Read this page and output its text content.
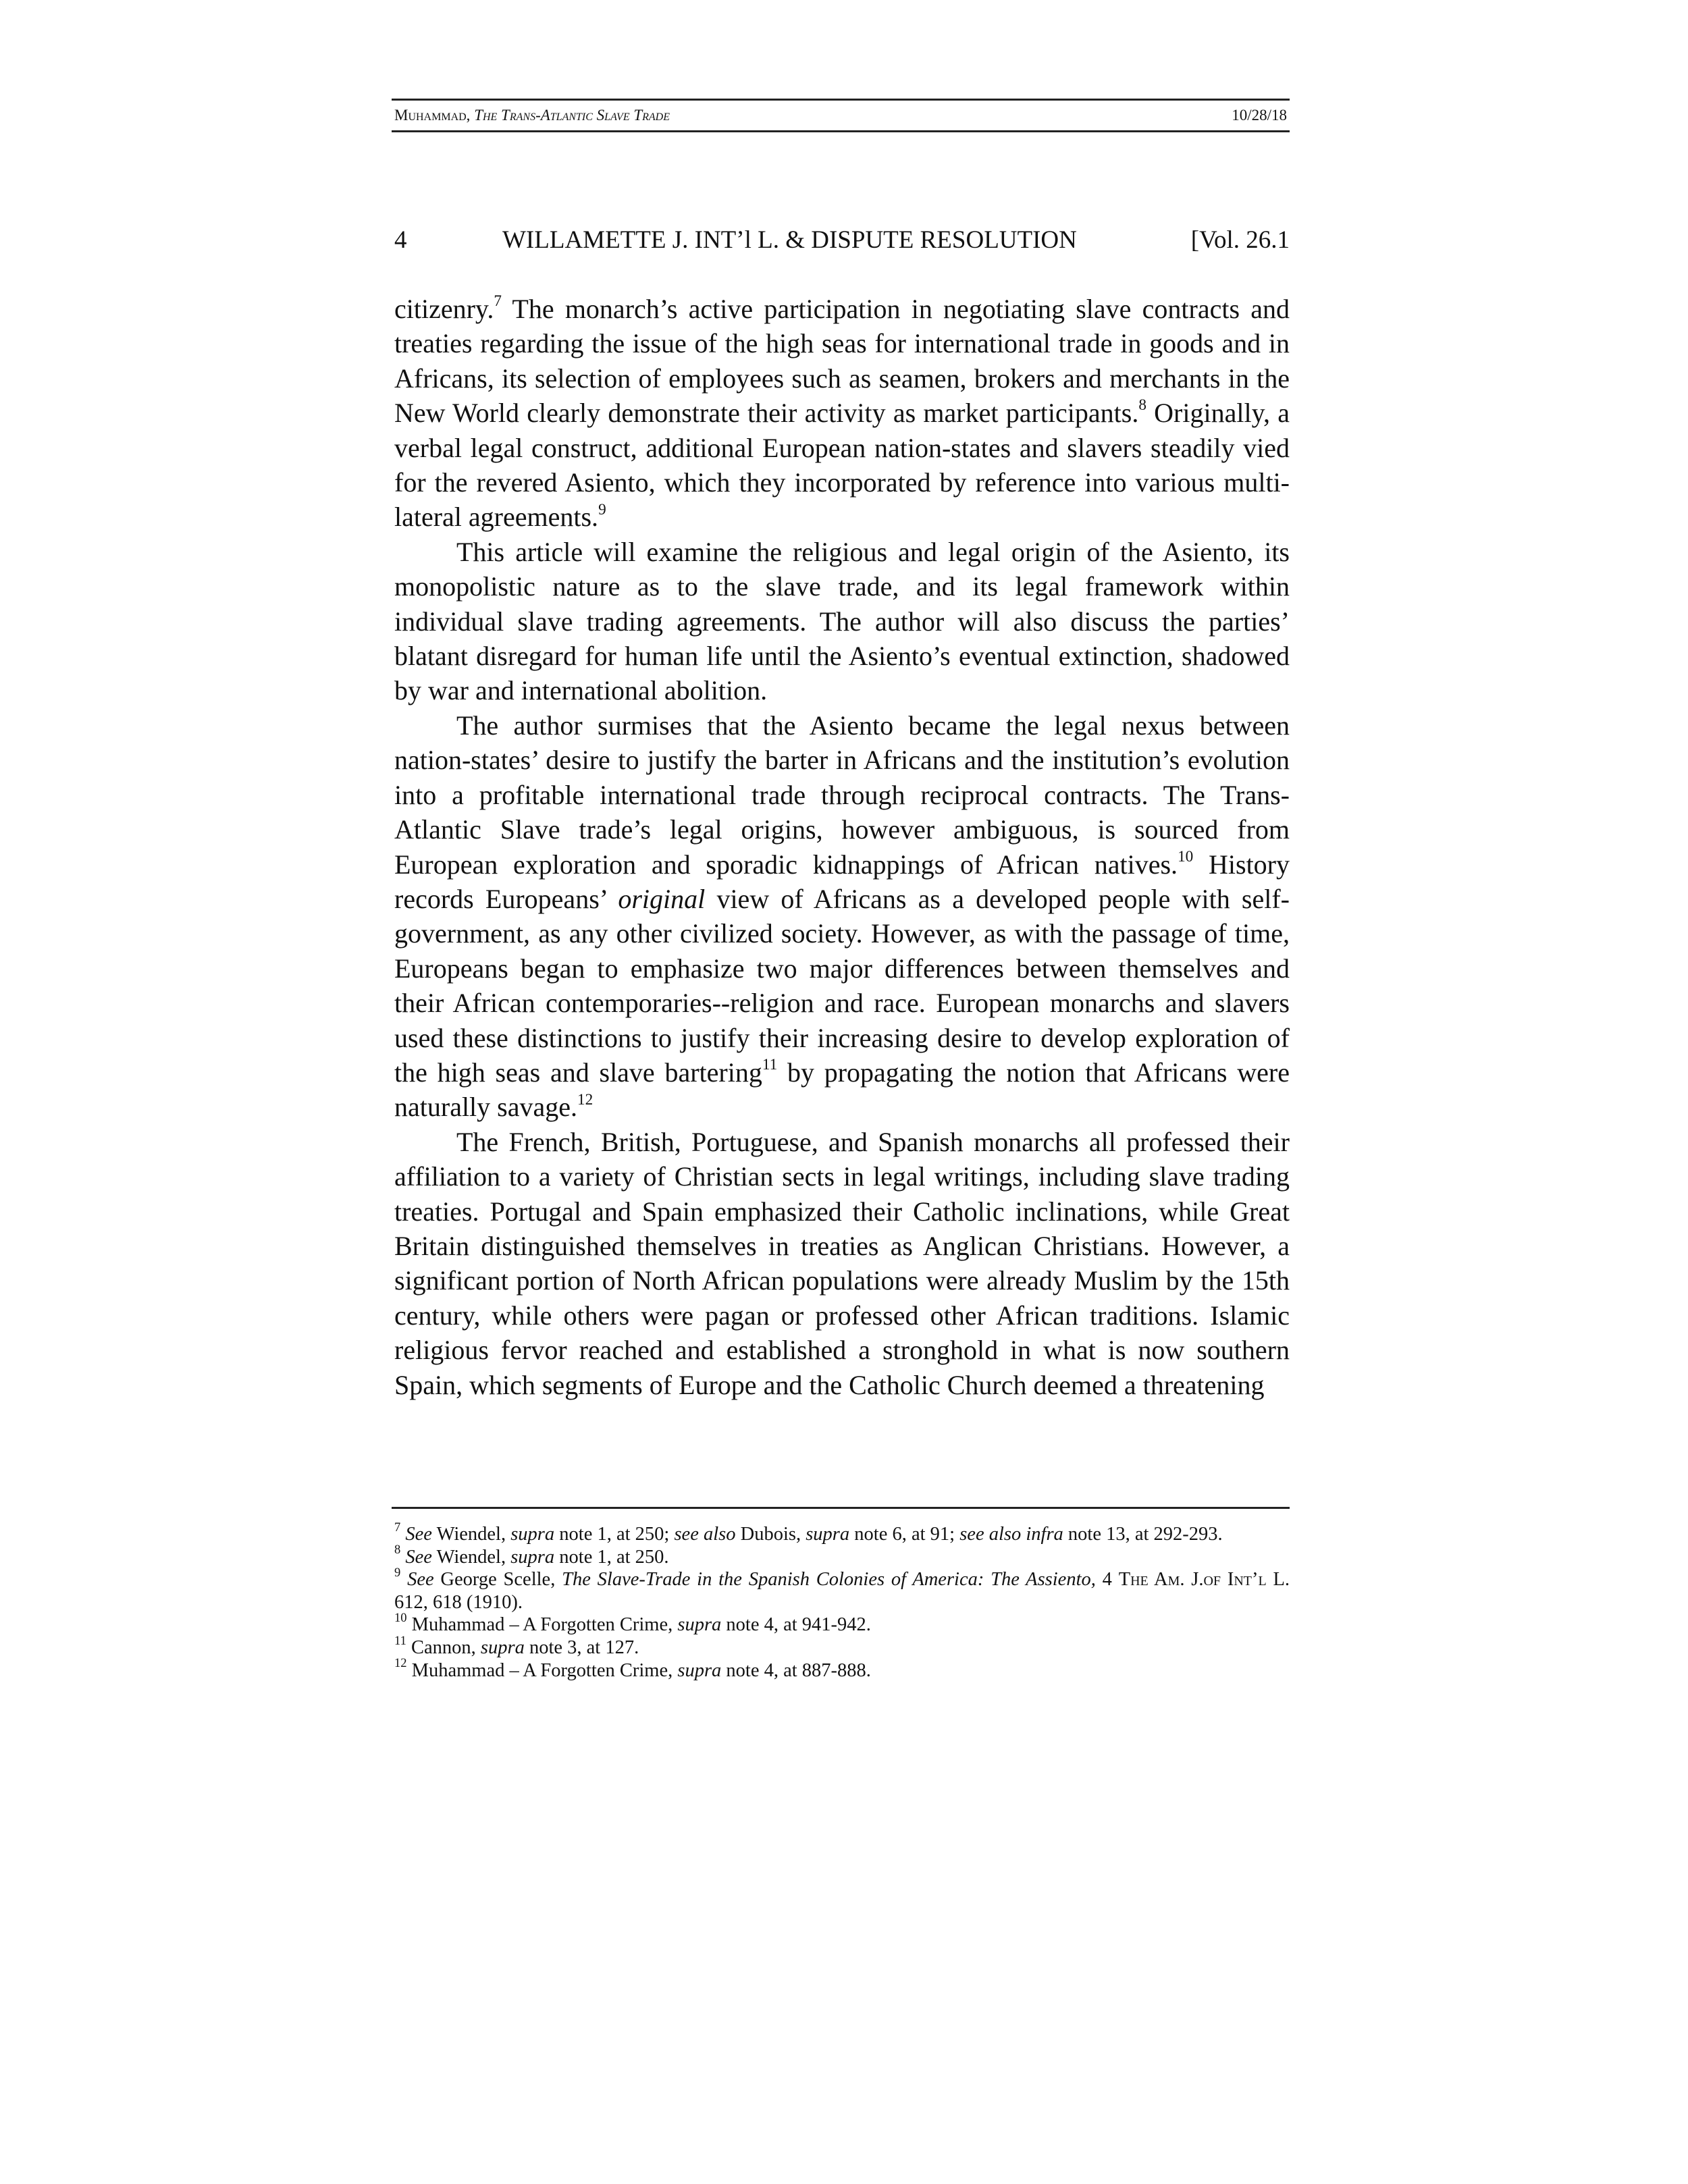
Muhammad, The Trans-Atlantic Slave Trade	10/28/18
4	WILLAMETTE J. INT’l L. & DISPUTE RESOLUTION	[Vol. 26.1

citizenry.$^7$ The monarch’s active participation in negotiating slave contracts and treaties regarding the issue of the high seas for international trade in goods and in Africans, its selection of employees such as seamen, brokers and merchants in the New World clearly demonstrate their activity as market participants.$^8$ Originally, a verbal legal construct, additional European nation-states and slavers steadily vied for the revered Asiento, which they incorporated by reference into various multi-lateral agreements.$^9$

This article will examine the religious and legal origin of the Asiento, its monopolistic nature as to the slave trade, and its legal framework within individual slave trading agreements. The author will also discuss the parties’ blatant disregard for human life until the Asiento’s eventual extinction, shadowed by war and international abolition.

The author surmises that the Asiento became the legal nexus between nation-states’ desire to justify the barter in Africans and the institution’s evolution into a profitable international trade through reciprocal contracts. The Trans-Atlantic Slave trade’s legal origins, however ambiguous, is sourced from European exploration and sporadic kidnappings of African natives.$^{10}$ History records Europeans’ original view of Africans as a developed people with self-government, as any other civilized society. However, as with the passage of time, Europeans began to emphasize two major differences between themselves and their African contemporaries--religion and race. European monarchs and slavers used these distinctions to justify their increasing desire to develop exploration of the high seas and slave bartering$^{11}$ by propagating the notion that Africans were naturally savage.$^{12}$

The French, British, Portuguese, and Spanish monarchs all professed their affiliation to a variety of Christian sects in legal writings, including slave trading treaties. Portugal and Spain emphasized their Catholic inclinations, while Great Britain distinguished themselves in treaties as Anglican Christians. However, a significant portion of North African populations were already Muslim by the 15th century, while others were pagan or professed other African traditions. Islamic religious fervor reached and established a stronghold in what is now southern Spain, which segments of Europe and the Catholic Church deemed a threatening

$^7$ See Wiendel, supra note 1, at 250; see also Dubois, supra note 6, at 91; see also infra note 13, at 292-293.

$^8$ See Wiendel, supra note 1, at 250.

$^9$ See George Scelle, The Slave-Trade in the Spanish Colonies of America: The Assiento, 4 The Am. J.of Int’l L. 612, 618 (1910).

$^{10}$ Muhammad – A Forgotten Crime, supra note 4, at 941-942.

$^{11}$ Cannon, supra note 3, at 127.

$^{12}$ Muhammad – A Forgotten Crime, supra note 4, at 887-888.
